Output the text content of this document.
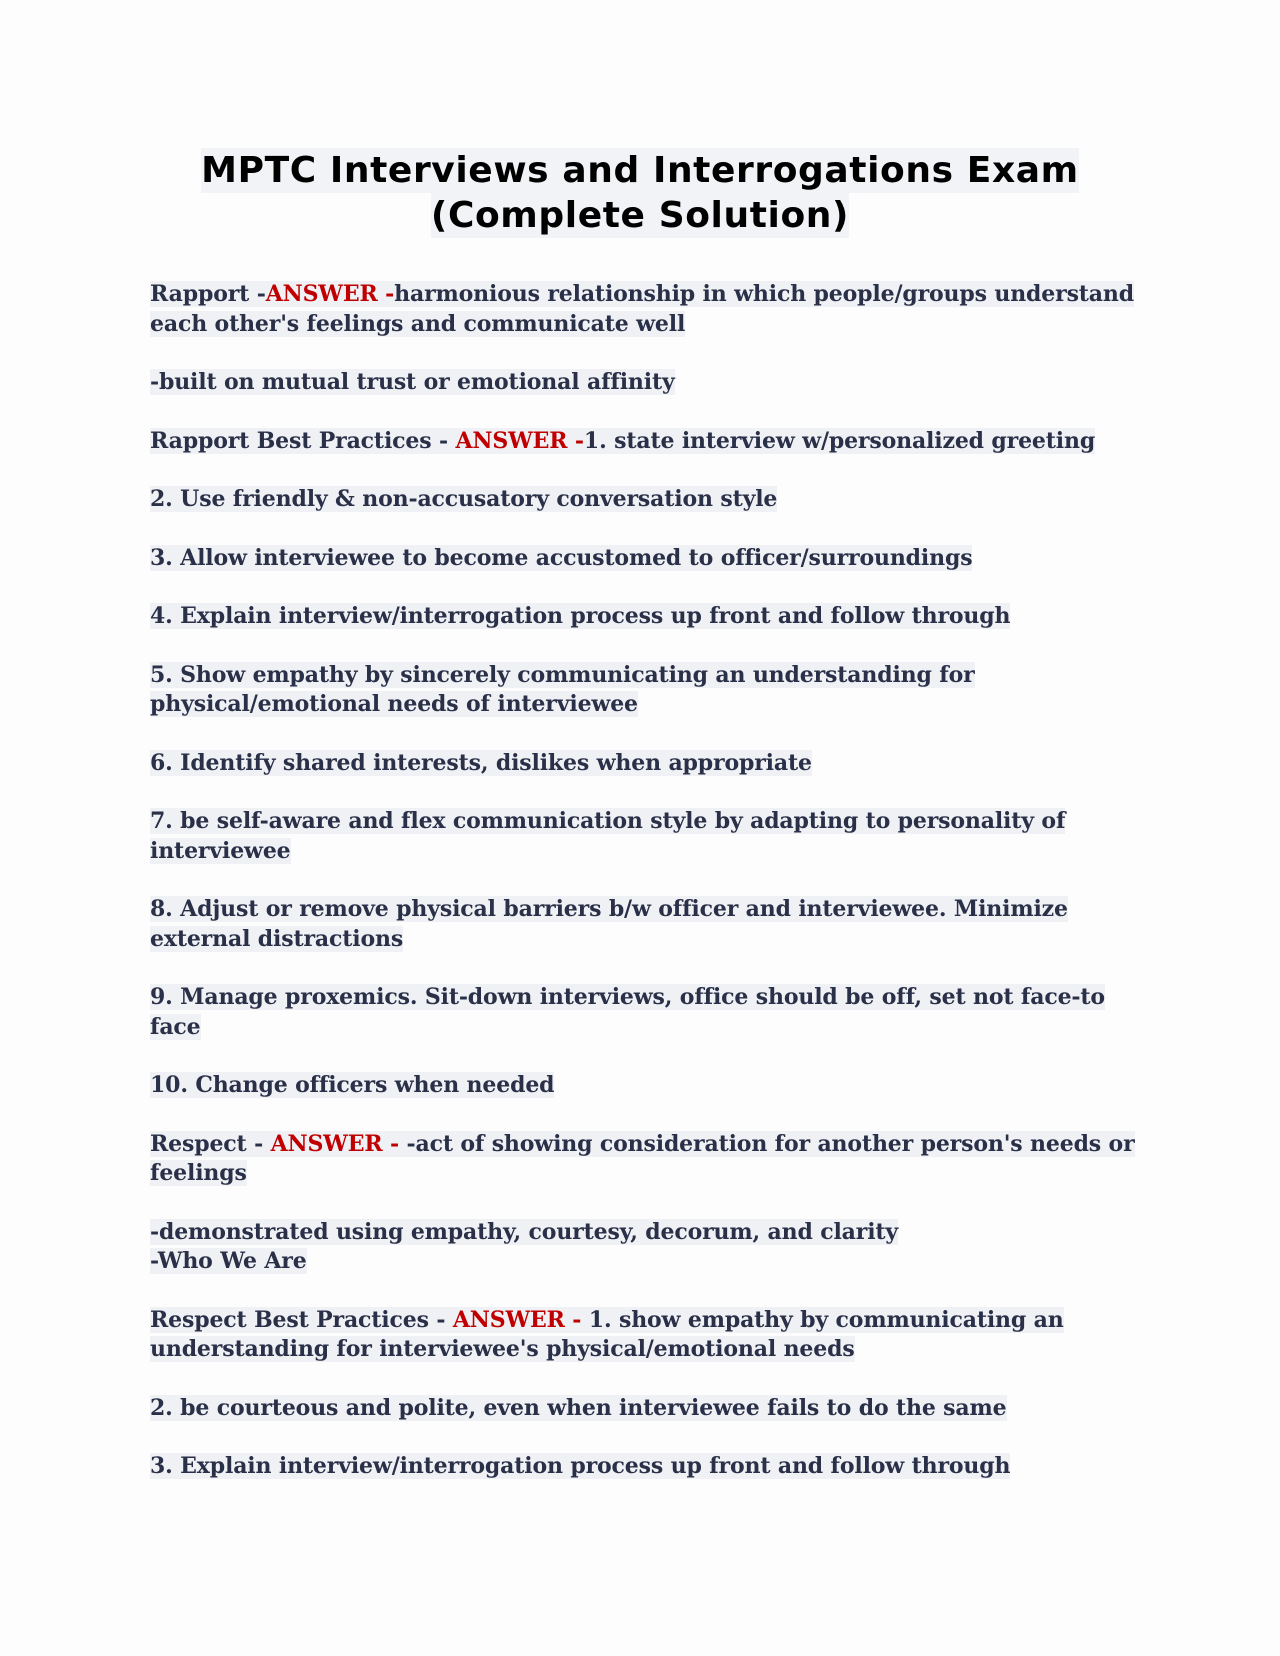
MPTC Interviews and Interrogations Exam
(Complete Solution)

Rapport -ANSWER -harmonious relationship in which people/groups understand each other's feelings and communicate well

-built on mutual trust or emotional affinity

Rapport Best Practices - ANSWER -1. state interview w/personalized greeting

2. Use friendly & non-accusatory conversation style

3. Allow interviewee to become accustomed to officer/surroundings

4. Explain interview/interrogation process up front and follow through

5. Show empathy by sincerely communicating an understanding for physical/emotional needs of interviewee

6. Identify shared interests, dislikes when appropriate

7. be self-aware and flex communication style by adapting to personality of interviewee

8. Adjust or remove physical barriers b/w officer and interviewee. Minimize external distractions

9. Manage proxemics. Sit-down interviews, office should be off, set not face-to face

10. Change officers when needed

Respect - ANSWER - -act of showing consideration for another person's needs or feelings

-demonstrated using empathy, courtesy, decorum, and clarity
-Who We Are

Respect Best Practices - ANSWER - 1. show empathy by communicating an understanding for interviewee's physical/emotional needs

2. be courteous and polite, even when interviewee fails to do the same

3. Explain interview/interrogation process up front and follow through
